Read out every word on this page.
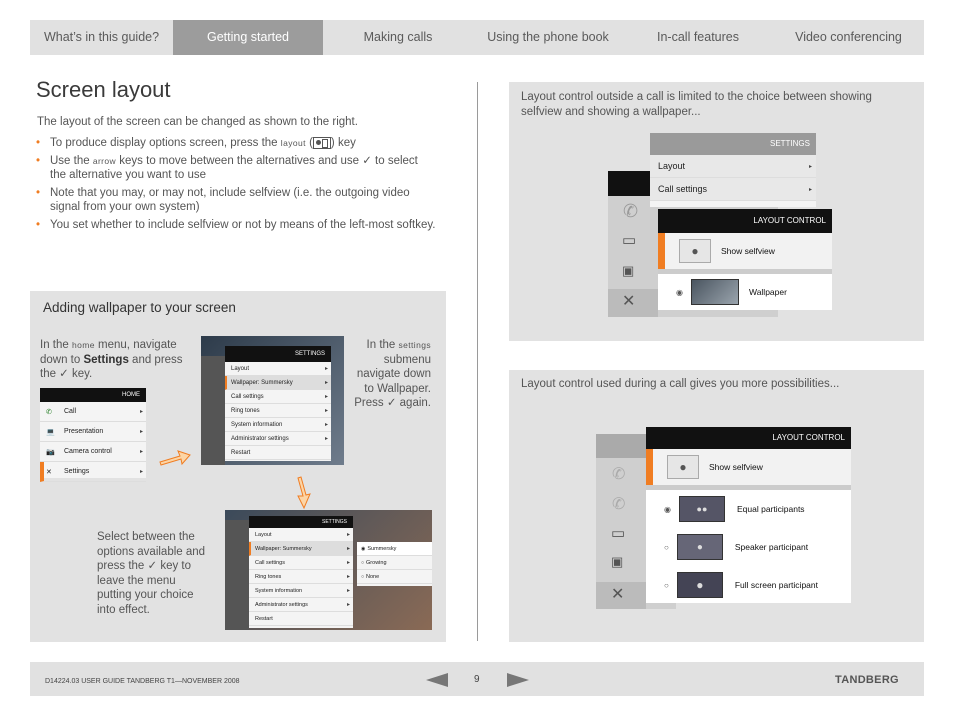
What’s in this guide?	Getting started	Making calls	Using the phone book	In-call features	Video conferencing
Screen layout
The layout of the screen can be changed as shown to the right.
• To produce display options screen, press the layout ( ) key
• Use the arrow keys to move between the alternatives and use ✓ to select the alternative you want to use
• Note that you may, or may not, include selfview (i.e. the outgoing video signal from your own system)
• You set whether to include selfview or not by means of the left-most softkey.
Adding wallpaper to your screen
In the home menu, navigate down to Settings and press the ✓ key.
In the settings submenu navigate down to Wallpaper. Press ✓ again.
Select between the options available and press the ✓ key to leave the menu putting your choice into effect.
HOME
✆	Call	▸
💻	Presentation	▸
📷	Camera control	▸
✕	Settings	▸
SETTINGS
Layout	▸
Wallpaper: Summersky	▸
Call settings	▸
Ring tones	▸
System information	▸
Administrator settings	▸
Restart
SETTINGS
Layout	▸
Wallpaper: Summersky	▸
Call settings	▸
Ring tones	▸
System information	▸
Administrator settings	▸
Restart
◉ Summersky
○ Growing
○ None
Layout control outside a call is limited to the choice between showing selfview and showing a wallpaper...
✆
▭
▣
✕
SETTINGS
Layout	▸
Call settings	▸
LAYOUT CONTROL
●	Show selfview
◉	Wallpaper
Layout control used during a call gives you more possibilities...
✆
✆
▭
▣
✕
LAYOUT CONTROL
●	Show selfview
◉	●●	Equal participants
○	●	Speaker participant
○	●	Full screen participant
D14224.03 USER GUIDE TANDBERG T1—NOVEMBER 2008	9	TANDBERG
